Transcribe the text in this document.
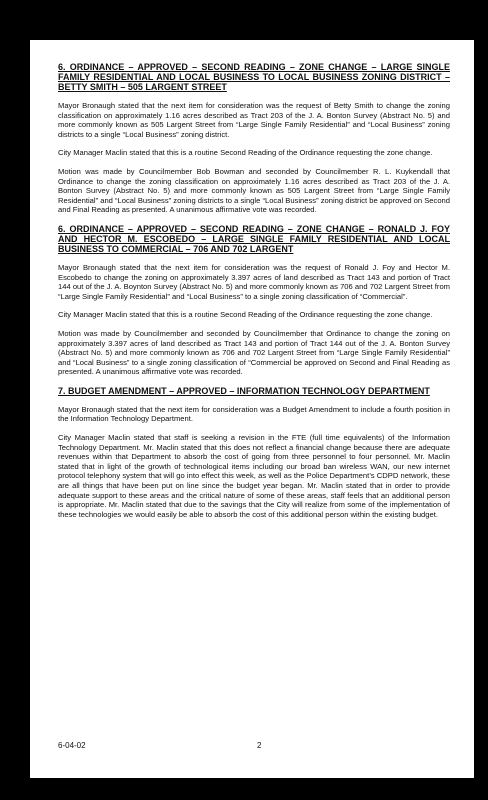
6. ORDINANCE – APPROVED – SECOND READING – ZONE CHANGE – LARGE SINGLE FAMILY RESIDENTIAL AND LOCAL BUSINESS TO LOCAL BUSINESS ZONING DISTRICT – BETTY SMITH – 505 LARGENT STREET

Mayor Bronaugh stated that the next item for consideration was the request of Betty Smith to change the zoning classification on approximately 1.16 acres described as Tract 203 of the J. A. Bonton Survey (Abstract No. 5) and more commonly known as 505 Largent Street from “Large Single Family Residential” and “Local Business” zoning districts to a single “Local Business” zoning district.

City Manager Maclin stated that this is a routine Second Reading of the Ordinance requesting the zone change.

Motion was made by Councilmember Bob Bowman and seconded by Councilmember R. L. Kuykendall that Ordinance to change the zoning classification on approximately 1.16 acres described as Tract 203 of the J. A. Bonton Survey (Abstract No. 5) and more commonly known as 505 Largent Street from “Large Single Family Residential” and “Local Business” zoning districts to a single “Local Business” zoning district be approved on Second and Final Reading as presented. A unanimous affirmative vote was recorded.

6. ORDINANCE – APPROVED – SECOND READING – ZONE CHANGE – RONALD J. FOY AND HECTOR M. ESCOBEDO – LARGE SINGLE FAMILY RESIDENTIAL AND LOCAL BUSINESS TO COMMERCIAL – 706 AND 702 LARGENT

Mayor Bronaugh stated that the next item for consideration was the request of Ronald J. Foy and Hector M. Escobedo to change the zoning on approximately 3.397 acres of land described as Tract 143 and portion of Tract 144 out of the J. A. Boynton Survey (Abstract No. 5) and more commonly known as 706 and 702 Largent Street from “Large Single Family Residential” and “Local Business” to a single zoning classification of “Commercial”.

City Manager Maclin stated that this is a routine Second Reading of the Ordinance requesting the zone change.

Motion was made by Councilmember and seconded by Councilmember that Ordinance to change the zoning on approximately 3.397 acres of land described as Tract 143 and portion of Tract 144 out of the J. A. Bonton Survey (Abstract No. 5) and more commonly known as 706 and 702 Largent Street from “Large Single Family Residential” and “Local Business” to a single zoning classification of “Commercial be approved on Second and Final Reading as presented. A unanimous affirmative vote was recorded.

7. BUDGET AMENDMENT – APPROVED – INFORMATION TECHNOLOGY DEPARTMENT

Mayor Bronaugh stated that the next item for consideration was a Budget Amendment to include a fourth position in the Information Technology Department.

City Manager Maclin stated that staff is seeking a revision in the FTE (full time equivalents) of the Information Technology Department. Mr. Maclin stated that this does not reflect a financial change because there are adequate revenues within that Department to absorb the cost of going from three personnel to four personnel. Mr. Maclin stated that in light of the growth of technological items including our broad ban wireless WAN, our new internet protocol telephony system that will go into effect this week, as well as the Police Department’s CDPD network, these are all things that have been put on line since the budget year began. Mr. Maclin stated that in order to provide adequate support to these areas and the critical nature of some of these areas, staff feels that an additional person is appropriate. Mr. Maclin stated that due to the savings that the City will realize from some of the implementation of these technologies we would easily be able to absorb the cost of this additional person within the existing budget.

6-04-02	2
